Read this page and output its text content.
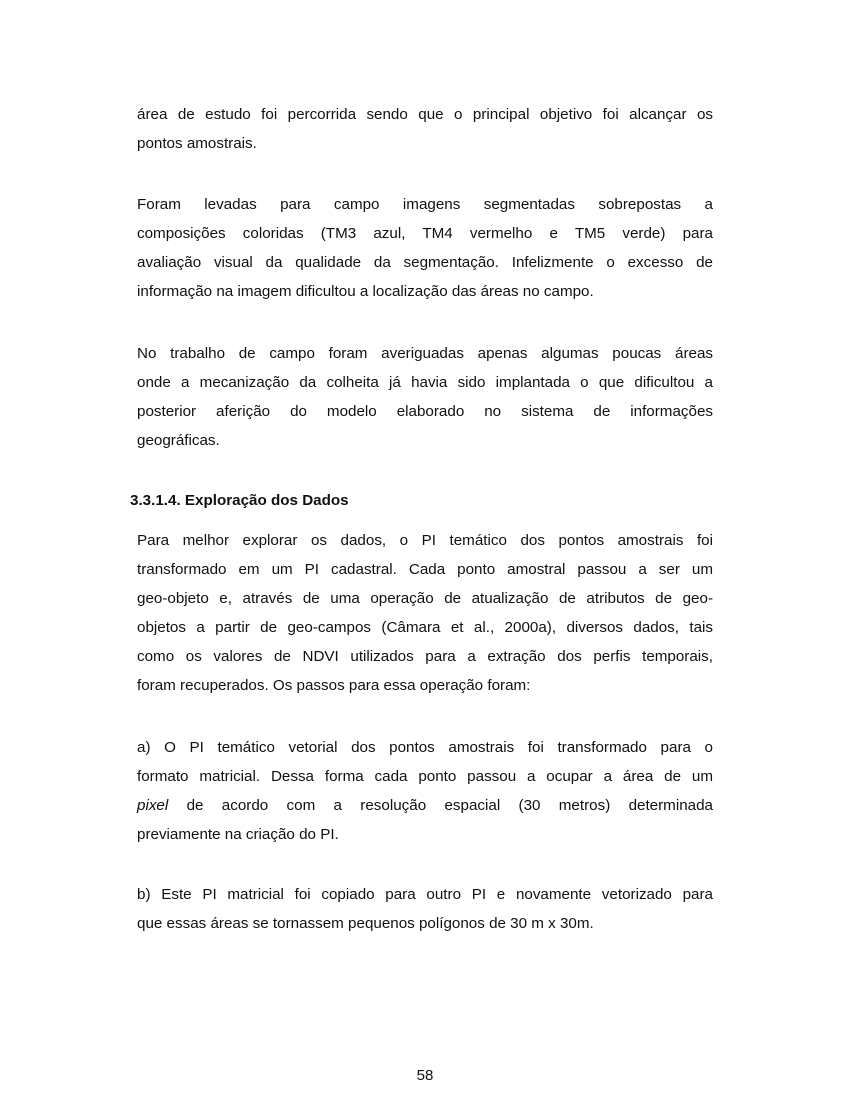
área de estudo foi percorrida sendo que o principal objetivo foi alcançar os
pontos amostrais.

Foram levadas para campo imagens segmentadas sobrepostas a
composições coloridas (TM3 azul, TM4 vermelho e TM5 verde) para
avaliação visual da qualidade da segmentação. Infelizmente o excesso de
informação na imagem dificultou a localização das áreas no campo.

No trabalho de campo foram averiguadas apenas algumas poucas áreas
onde a mecanização da colheita já havia sido implantada o que dificultou a
posterior aferição do modelo elaborado no sistema de informações
geográficas.

3.3.1.4. Exploração dos Dados

Para melhor explorar os dados, o PI temático dos pontos amostrais foi
transformado em um PI cadastral. Cada ponto amostral passou a ser um
geo-objeto e, através de uma operação de atualização de atributos de geo-
objetos a partir de geo-campos (Câmara et al., 2000a), diversos dados, tais
como os valores de NDVI utilizados para a extração dos perfis temporais,
foram recuperados. Os passos para essa operação foram:

a) O PI temático vetorial dos pontos amostrais foi transformado para o
formato matricial. Dessa forma cada ponto passou a ocupar a área de um
pixel de acordo com a resolução espacial (30 metros) determinada
previamente na criação do PI.

b) Este PI matricial foi copiado para outro PI e novamente vetorizado para
que essas áreas se tornassem pequenos polígonos de 30 m x 30m.

58
